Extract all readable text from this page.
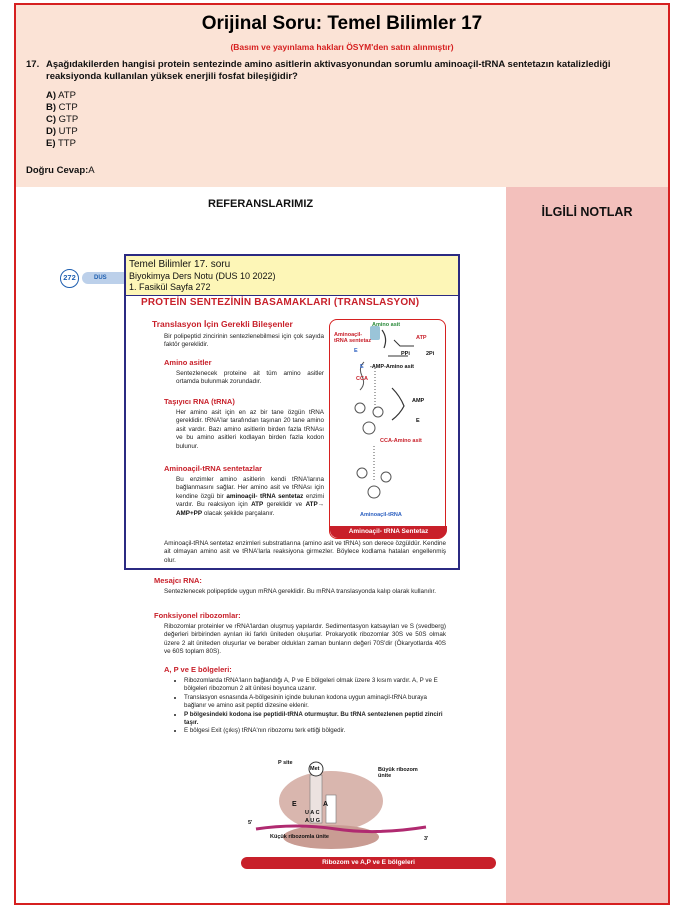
Orijinal Soru: Temel Bilimler 17
(Basım ve yayınlama hakları ÖSYM'den satın alınmıştır)
17. Aşağıdakilerden hangisi protein sentezinde amino asitlerin aktivasyonundan sorumlu aminoaçil-tRNA sentetazın katalizlediği reaksiyonda kullanılan yüksek enerjili fosfat bileşiğidir?
A) ATP
B) CTP
C) GTP
D) UTP
E) TTP
Doğru Cevap:A
REFERANSLARIMIZ
İLGİLİ NOTLAR
272	DUS
PROTEİN SENTEZİNİN BASAMAKLARI (TRANSLASYON)
Translasyon İçin Gerekli Bileşenler
Bir polipeptid zincirinin sentezlenebilmesi için çok sayıda faktör gereklidir.
Amino asitler
Sentezlenecek proteine ait tüm amino asitler ortamda bulunmak zorundadır.
Taşıyıcı RNA (tRNA)
Her amino asit için en az bir tane özgün tRNA gereklidir. tRNA'lar tarafından taşınan 20 tane amino asit vardır. Bazı amino asitlerin birden fazla tRNAsı ve bu amino asitleri kodlayan birden fazla kodon bulunur.
Aminoaçil-tRNA sentetazlar
Bu enzimler amino asitlerin kendi tRNA'larına bağlanmasını sağlar. Her amino asit ve tRNAsı için kendine özgü bir aminoaçil- tRNA sentetaz enzimi vardır. Bu reaksiyon için ATP gereklidir ve ATP→ AMP+PP olacak şekilde parçalanır.
Amino asit
Aminoaçil-tRNA sentetaz	ATP
E	PPi	2Pi
E -AMP-Amino asit
CCA
AMP
E
CCA-Amino asit
Aminoaçil-tRNA
Aminoaçil- tRNA Sentetaz
Aminoaçil-tRNA sentetaz enzimleri substratlarına (amino asit ve tRNA) son derece özgüldür. Kendine ait olmayan amino asit ve tRNA'larla reaksiyona girmezler. Böylece kodlama hataları engellenmiş olur.
Mesajcı RNA:
Sentezlenecek polipeptide uygun mRNA gereklidir. Bu mRNA translasyonda kalıp olarak kullanılır.
Fonksiyonel ribozomlar:
Ribozomlar proteinler ve rRNA'lardan oluşmuş yapılardır. Sedimentasyon katsayıları ve S (svedberg) değerleri birbirinden ayrılan iki farklı üniteden oluşurlar. Prokaryotik ribozomlar 30S ve 50S olmak üzere 2 alt üniteden oluşurlar ve beraber oldukları zaman bunların değeri 70S'dir (Ökaryotlarda 40S ve 60S toplam 80S).
A, P ve E bölgeleri:
• Ribozomlarda tRNA'ların bağlandığı A, P ve E bölgeleri olmak üzere 3 kısım vardır. A, P ve E bölgeleri ribozomun 2 alt ünitesi boyunca uzanır.
• Translasyon esnasında A-bölgesinin içinde bulunan kodona uygun aminaçil-tRNA buraya bağlanır ve amino asit peptid dizesine eklenir.
• P bölgesindeki kodona ise peptidil-tRNA oturmuştur. Bu tRNA sentezlenen peptid zinciri taşır.
• E bölgesi Exit (çıkış) tRNA'nın ribozomu terk ettiği bölgedir.
P site
Met	Büyük ribozom ünite
E	A
U A C
A U G
5'
3'
Küçük ribozomla ünite
Ribozom ve A,P ve E bölgeleri
Temel Bilimler 17. soru
Biyokimya Ders Notu (DUS 10 2022)
1. Fasikül Sayfa 272
